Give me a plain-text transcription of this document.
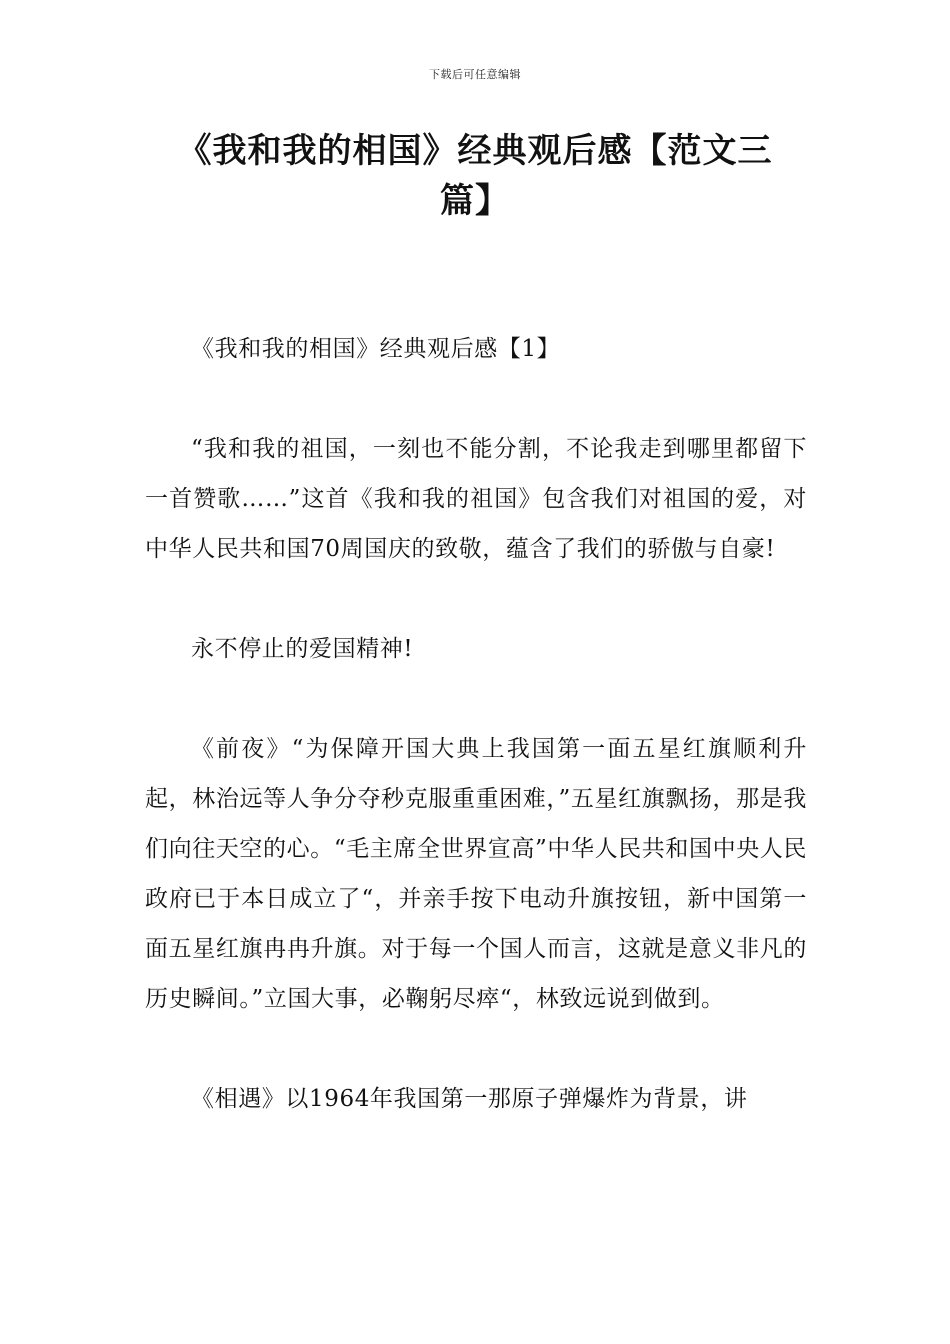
下载后可任意编辑
《我和我的相国》经典观后感【范文三篇】

《我和我的相国》经典观后感【1】

“我和我的祖国，一刻也不能分割，不论我走到哪里都留下一首赞歌……”这首《我和我的祖国》包含我们对祖国的爱，对中华人民共和国70周国庆的致敬，蕴含了我们的骄傲与自豪!

永不停止的爱国精神!

《前夜》“为保障开国大典上我国第一面五星红旗顺利升起，林治远等人争分夺秒克服重重困难，”五星红旗飘扬，那是我们向往天空的心。“毛主席全世界宣高”中华人民共和国中央人民政府已于本日成立了“，并亲手按下电动升旗按钮，新中国第一面五星红旗冉冉升旗。对于每一个国人而言，这就是意义非凡的历史瞬间。”立国大事，必鞠躬尽瘁“，林致远说到做到。

《相遇》以1964年我国第一那原子弹爆炸为背景，讲
